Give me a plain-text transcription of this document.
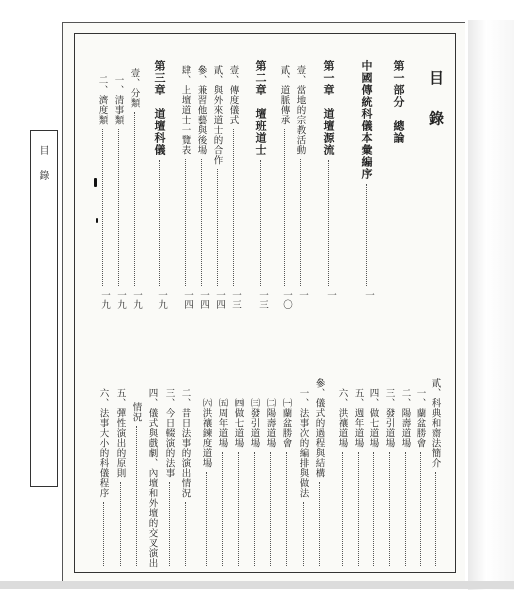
目 錄
目 錄
第一部分　總論
中國傳統科儀本彙編序
一
第一章　道壇源流
一
壹、當地的宗教活動
一
貳、道脈傳承
一〇
第二章　壇班道士
一三
壹、傳度儀式
一三
貳、與外來道士的合作
一四
參、兼習他藝與後場
一四
肆、上壇道士一覽表
一四
第三章　道壇科儀
一九
壹、分類
一九
一、清事類
一九
二、濟度類
一九
貳、科典和齋法簡介
一、蘭盆勝會
二、陽壽道場
三、發引道場
四、做七道場
五、週年道場
六、洪禳道場
參、儀式的過程與結構
一、法事次的編排與做法
㈠蘭盆勝會
㈡陽壽道場
㈢發引道場
㈣做七道場
㈤周年道場
㈥洪禳鍊度道場
二、昔日法事的演出情況
三、今日輟演的法事
四、儀式與戲劇、內壇和外壇的交叉演出
情況
五、彈性演出的原則
六、法事大小的科儀程序
